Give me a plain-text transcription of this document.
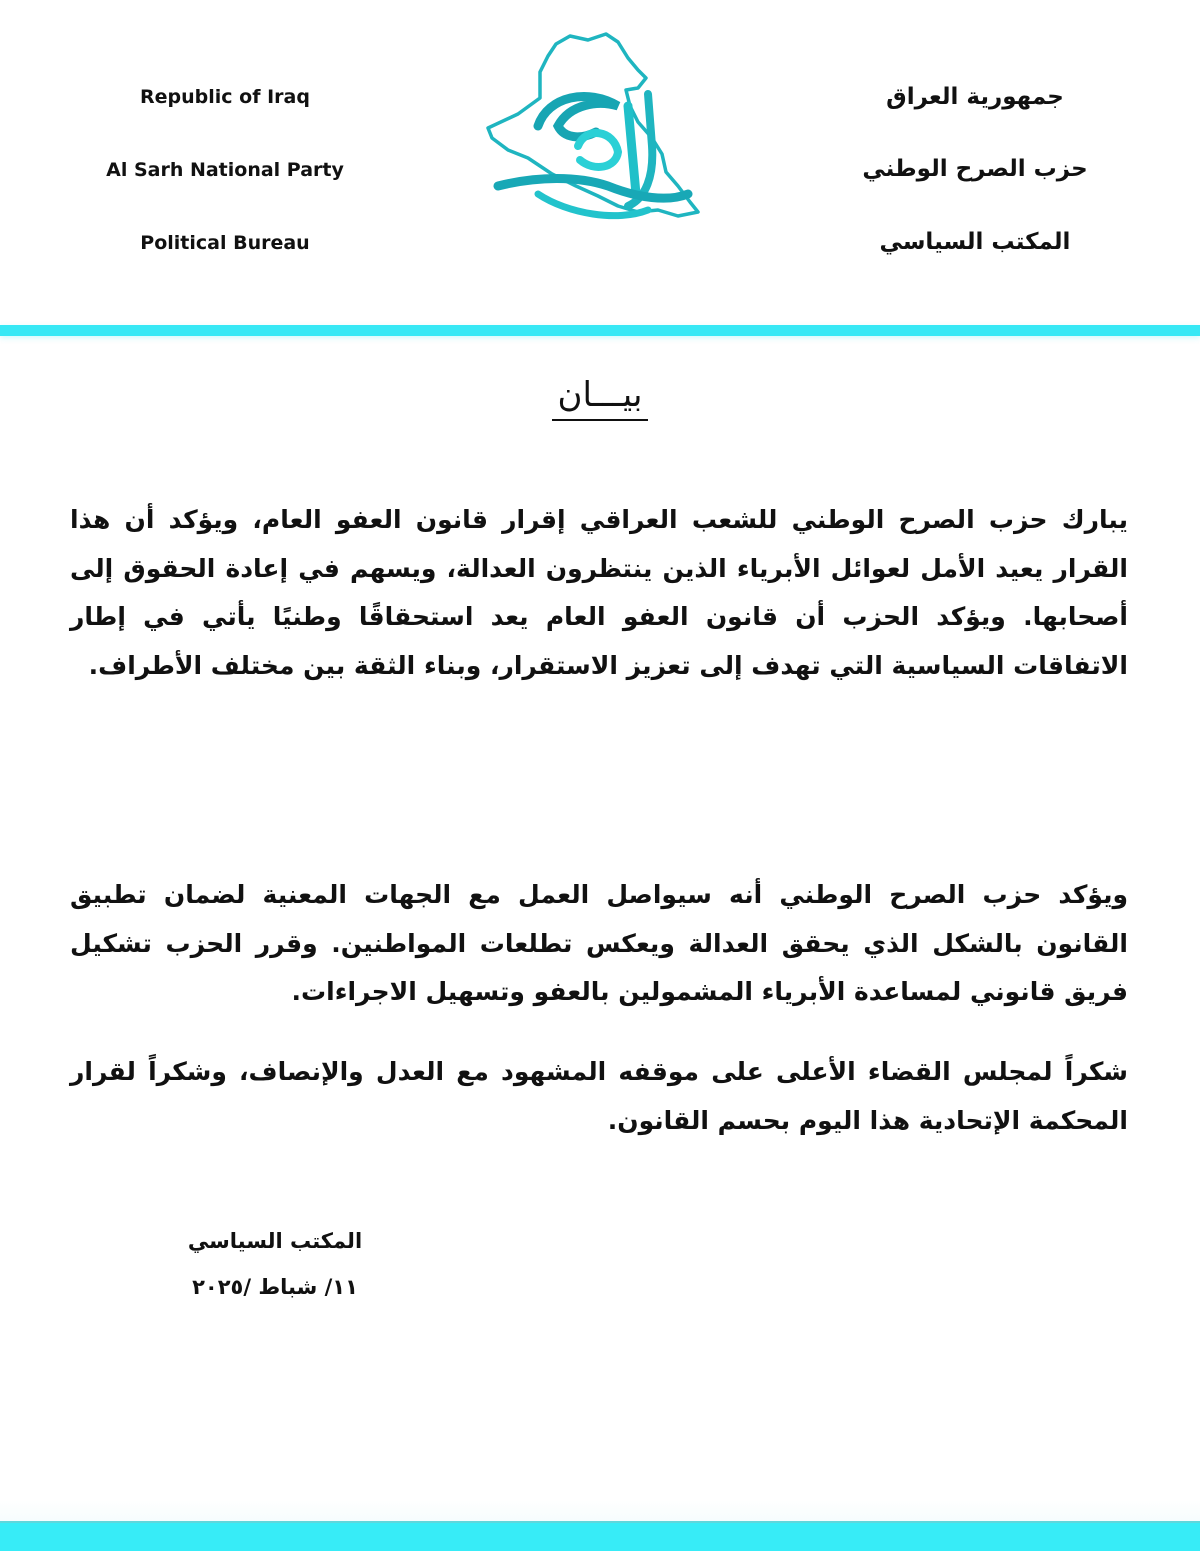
Republic of Iraq
Al Sarh National Party
Political Bureau
جمهورية العراق
حزب الصرح الوطني
المكتب السياسي
بيـــان

يبارك حزب الصرح الوطني للشعب العراقي إقرار قانون العفو العام، ويؤكد أن هذا القرار يعيد الأمل لعوائل الأبرياء الذين ينتظرون العدالة، ويسهم في إعادة الحقوق إلى أصحابها. ويؤكد الحزب أن قانون العفو العام يعد استحقاقًا وطنيًا يأتي في إطار الاتفاقات السياسية التي تهدف إلى تعزيز الاستقرار، وبناء الثقة بين مختلف الأطراف.

ويؤكد حزب الصرح الوطني أنه سيواصل العمل مع الجهات المعنية لضمان تطبيق القانون بالشكل الذي يحقق العدالة ويعكس تطلعات المواطنين. وقرر الحزب تشكيل فريق قانوني لمساعدة الأبرياء المشمولين بالعفو وتسهيل الاجراءات.

شكراً لمجلس القضاء الأعلى على موقفه المشهود مع العدل والإنصاف، وشكراً لقرار المحكمة الإتحادية هذا اليوم بحسم القانون.

المكتب السياسي
١١/ شباط /٢٠٢٥
